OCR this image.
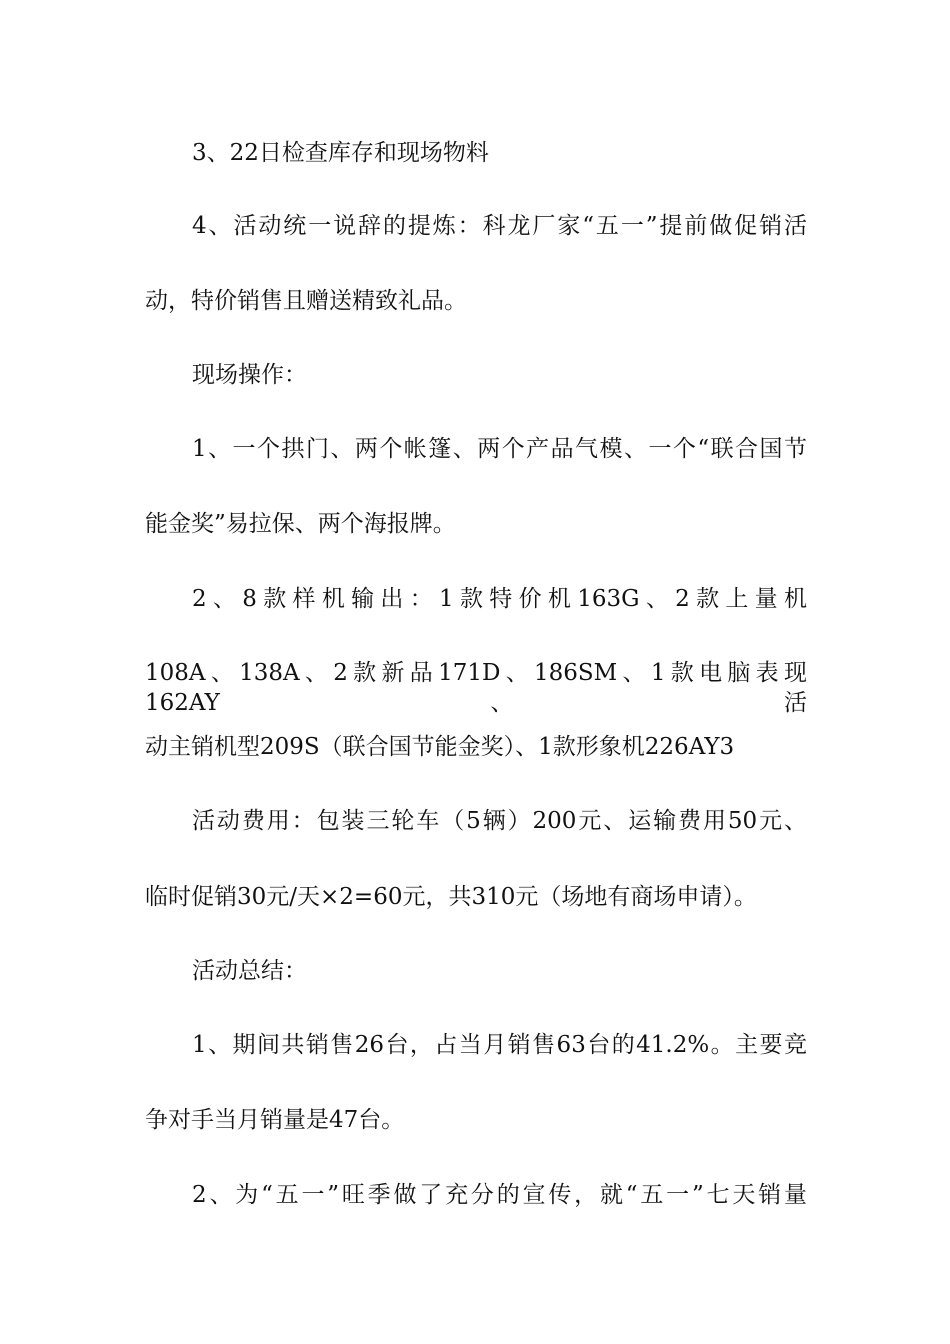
3、22日检查库存和现场物料
4、活动统一说辞的提炼：科龙厂家“五一”提前做促销活
动，特价销售且赠送精致礼品。
现场操作：
1、一个拱门、两个帐篷、两个产品气模、一个“联合国节
能金奖”易拉保、两个海报牌。
2、8款样机输出：1款特价机163G、2款上量机
108A、138A、2款新品171D、186SM、1款电脑表现162AY、活
动主销机型209S（联合国节能金奖）、1款形象机226AY3
活动费用：包装三轮车（5辆）200元、运输费用50元、
临时促销30元/天×2=60元，共310元（场地有商场申请）。
活动总结：
1、期间共销售26台，占当月销售63台的41.2%。主要竞
争对手当月销量是47台。
2、为“五一”旺季做了充分的宣传，就“五一”七天销量
